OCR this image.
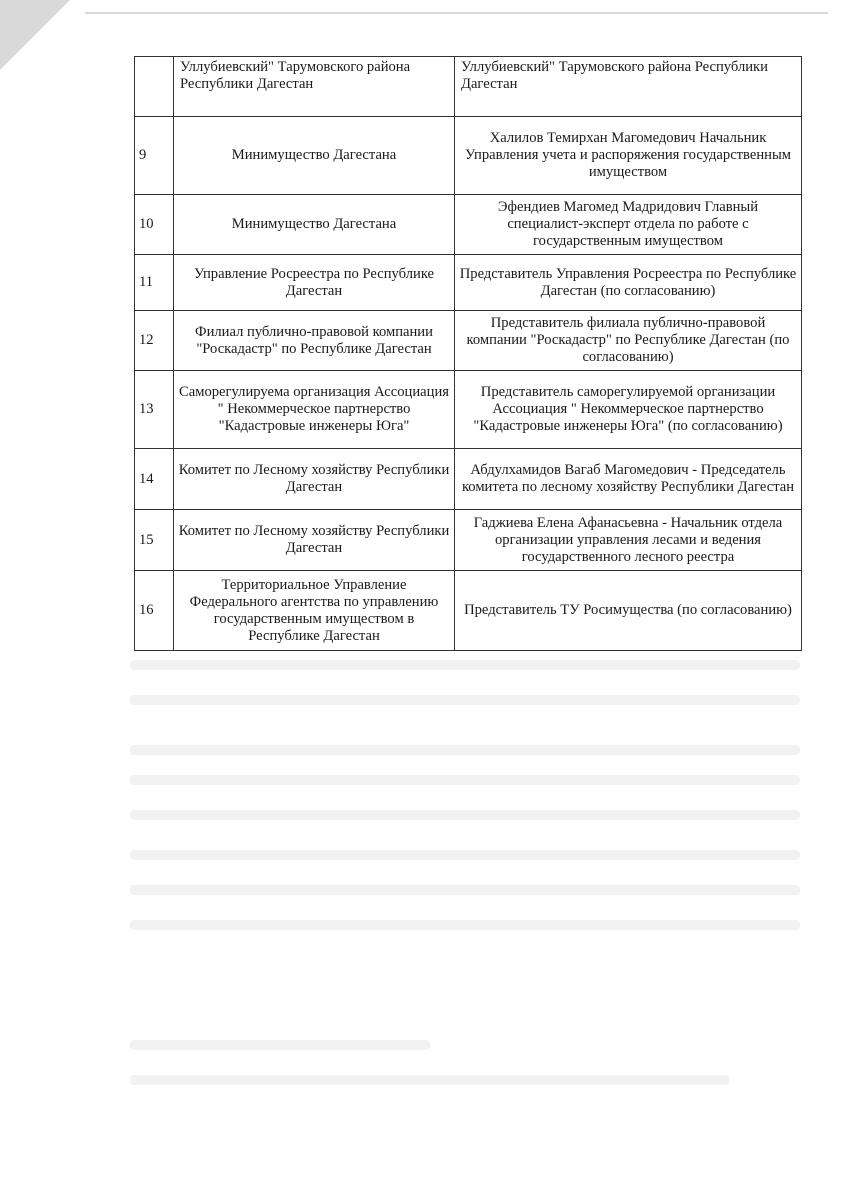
	Уллубиевский" Тарумовского района Республики Дагестан	Уллубиевский" Тарумовского района Республики Дагестан
9	Минимущество Дагестана	Халилов Темирхан Магомедович Начальник Управления учета и распоряжения государственным имуществом
10	Минимущество Дагестана	Эфендиев Магомед Мадридович Главный специалист-эксперт отдела по работе с государственным имуществом
11	Управление Росреестра по Республике Дагестан	Представитель Управления Росреестра по Республике Дагестан (по согласованию)
12	Филиал публично-правовой компании "Роскадастр" по Республике Дагестан	Представитель филиала публично-правовой компании "Роскадастр" по Республике Дагестан (по согласованию)
13	Саморегулируема организация Ассоциация " Некоммерческое партнерство "Кадастровые инженеры Юга"	Представитель саморегулируемой организации Ассоциация " Некоммерческое партнерство "Кадастровые инженеры Юга" (по согласованию)
14	Комитет по Лесному хозяйству Республики Дагестан	Абдулхамидов Вагаб Магомедович - Председатель комитета по лесному хозяйству Республики Дагестан
15	Комитет по Лесному хозяйству Республики Дагестан	Гаджиева Елена Афанасьевна - Начальник отдела организации управления лесами и ведения государственного лесного реестра
16	Территориальное Управление Федерального агентства по управлению государственным имуществом в Республике Дагестан	Представитель ТУ Росимущества (по согласованию)
